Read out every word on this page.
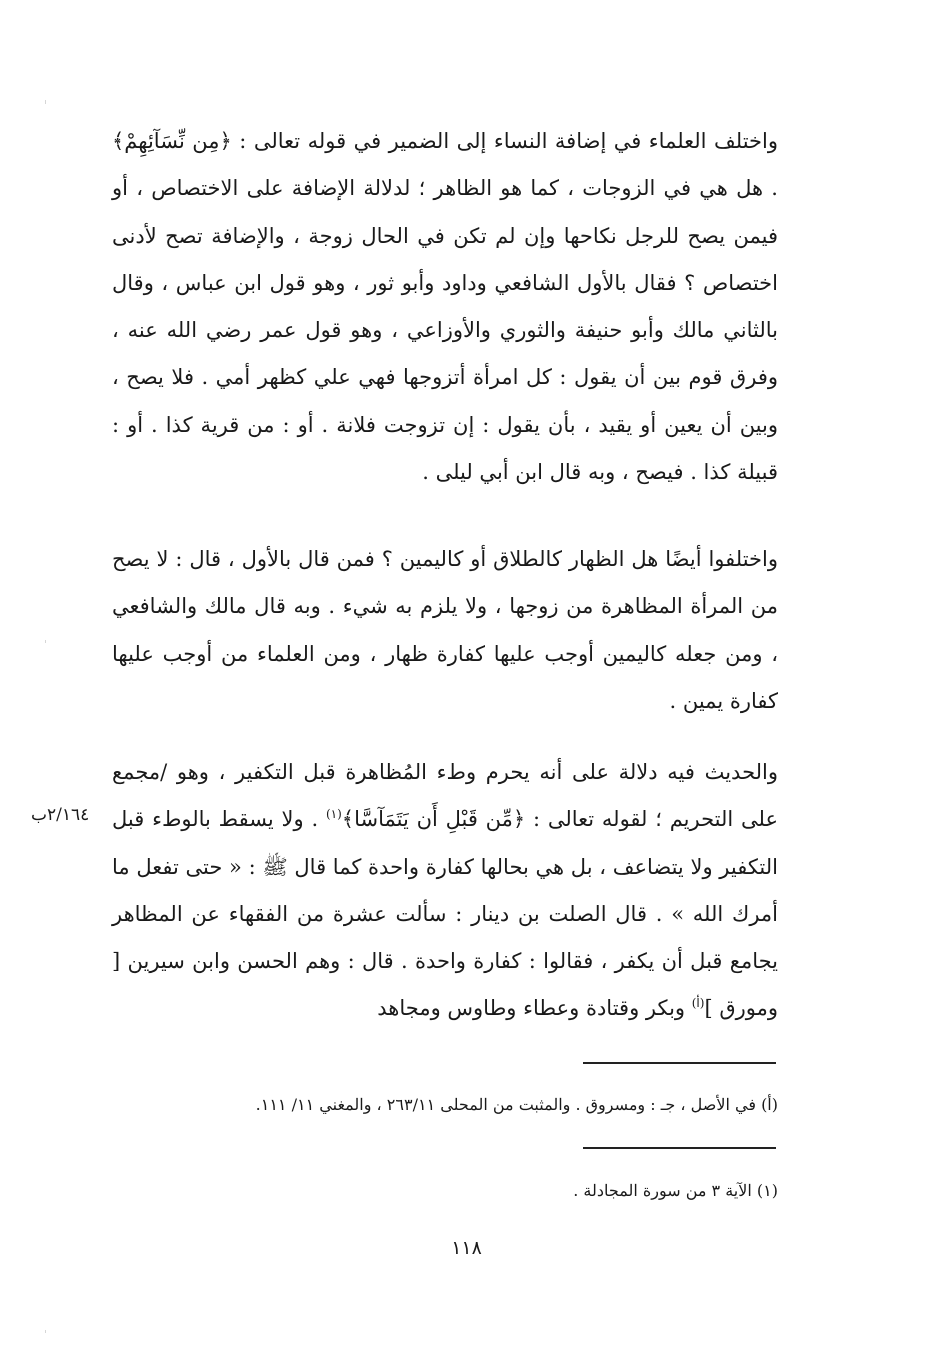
واختلف العلماء في إضافة النساء إلى الضمير في قوله تعالى : ﴿مِن نِّسَآئِهِمْ﴾ . هل هي في الزوجات ، كما هو الظاهر ؛ لدلالة الإضافة على الاختصاص ، أو فيمن يصح للرجل نكاحها وإن لم تكن في الحال زوجة ، والإضافة تصح لأدنى اختصاص ؟ فقال بالأول الشافعي وداود وأبو ثور ، وهو قول ابن عباس ، وقال بالثاني مالك وأبو حنيفة والثوري والأوزاعي ، وهو قول عمر رضي الله عنه ، وفرق قوم بين أن يقول : كل امرأة أتزوجها فهي علي كظهر أمي . فلا يصح ، وبين أن يعين أو يقيد ، بأن يقول : إن تزوجت فلانة . أو : من قرية كذا . أو : قبيلة كذا . فيصح ، وبه قال ابن أبي ليلى .

واختلفوا أيضًا هل الظهار كالطلاق أو كاليمين ؟ فمن قال بالأول ، قال : لا يصح من المرأة المظاهرة من زوجها ، ولا يلزم به شيء . وبه قال مالك والشافعي ، ومن جعله كاليمين أوجب عليها كفارة ظهار ، ومن العلماء من أوجب عليها كفارة يمين .

والحديث فيه دلالة على أنه يحرم وطء المُظاهرة قبل التكفير ، وهو /مجمع على التحريم ؛ لقوله تعالى : ﴿مِّن قَبْلِ أَن يَتَمَآسَّا﴾$^{(١)}$ . ولا يسقط بالوطء قبل التكفير ولا يتضاعف ، بل هي بحالها كفارة واحدة كما قال ﷺ : « حتى تفعل ما أمرك الله » . قال الصلت بن دينار : سألت عشرة من الفقهاء عن المظاهر يجامع قبل أن يكفر ، فقالوا : كفارة واحدة . قال : وهم الحسن وابن سيرين [ ومورق ]$^{(أ)}$ وبكر وقتادة وعطاء وطاوس ومجاهد

٢/١٦٤ب

(أ) في الأصل ، جـ : ومسروق . والمثبت من المحلى ٢٦٣/١١ ، والمغني ١١/ ١١١.

(١) الآية ٣ من سورة المجادلة .

١١٨
